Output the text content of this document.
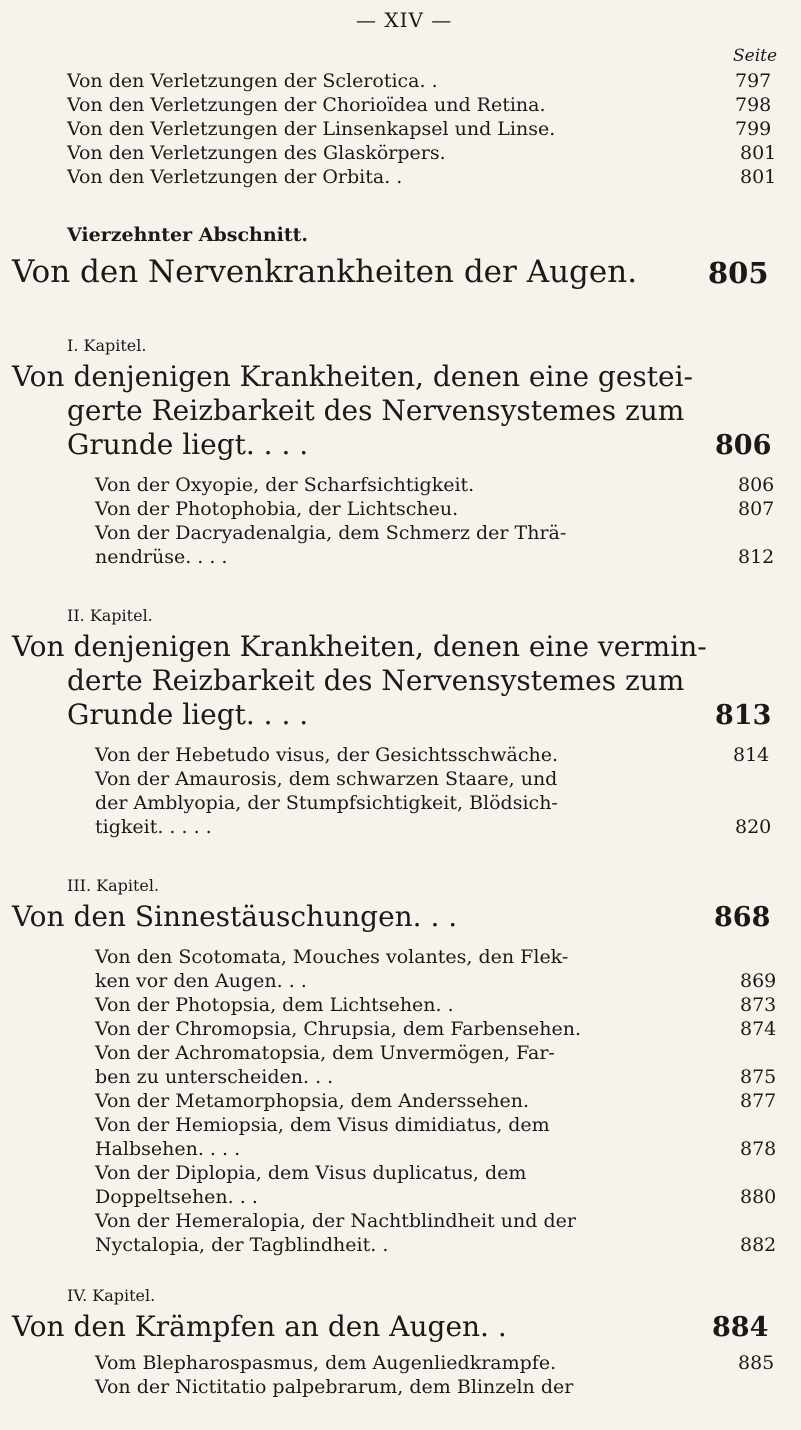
— XIV —
Seite
Von den Verletzungen der Sclerotica. .	797
Von den Verletzungen der Chorioïdea und Retina.	798
Von den Verletzungen der Linsenkapsel und Linse.	799
Von den Verletzungen des Glaskörpers.	801
Von den Verletzungen der Orbita. .	801
Vierzehnter Abschnitt.
Von den Nervenkrankheiten der Augen. 805
I. Kapitel.
Von denjenigen Krankheiten, denen eine gestei-
gerte Reizbarkeit des Nervensystemes zum
Grunde liegt. . . .	806
Von der Oxyopie, der Scharfsichtigkeit.	806
Von der Photophobia, der Lichtscheu.	807
Von der Dacryadenalgia, dem Schmerz der Thrä-
nendrüse. . . .	812
II. Kapitel.
Von denjenigen Krankheiten, denen eine vermin-
derte Reizbarkeit des Nervensystemes zum
Grunde liegt. . . .	813
Von der Hebetudo visus, der Gesichtsschwäche.	814
Von der Amaurosis, dem schwarzen Staare, und
der Amblyopia, der Stumpfsichtigkeit, Blödsich-
tigkeit. . . . .	820
III. Kapitel.
Von den Sinnestäuschungen. . .	868
Von den Scotomata, Mouches volantes, den Flek-
ken vor den Augen. . .	869
Von der Photopsia, dem Lichtsehen. .	873
Von der Chromopsia, Chrupsia, dem Farbensehen.	874
Von der Achromatopsia, dem Unvermögen, Far-
ben zu unterscheiden. . .	875
Von der Metamorphopsia, dem Anderssehen.	877
Von der Hemiopsia, dem Visus dimidiatus, dem
Halbsehen. . . .	878
Von der Diplopia, dem Visus duplicatus, dem
Doppeltsehen. . .	880
Von der Hemeralopia, der Nachtblindheit und der
Nyctalopia, der Tagblindheit. .	882
IV. Kapitel.
Von den Krämpfen an den Augen. .	884
Vom Blepharospasmus, dem Augenliedkrampfe.	885
Von der Nictitatio palpebrarum, dem Blinzeln der
